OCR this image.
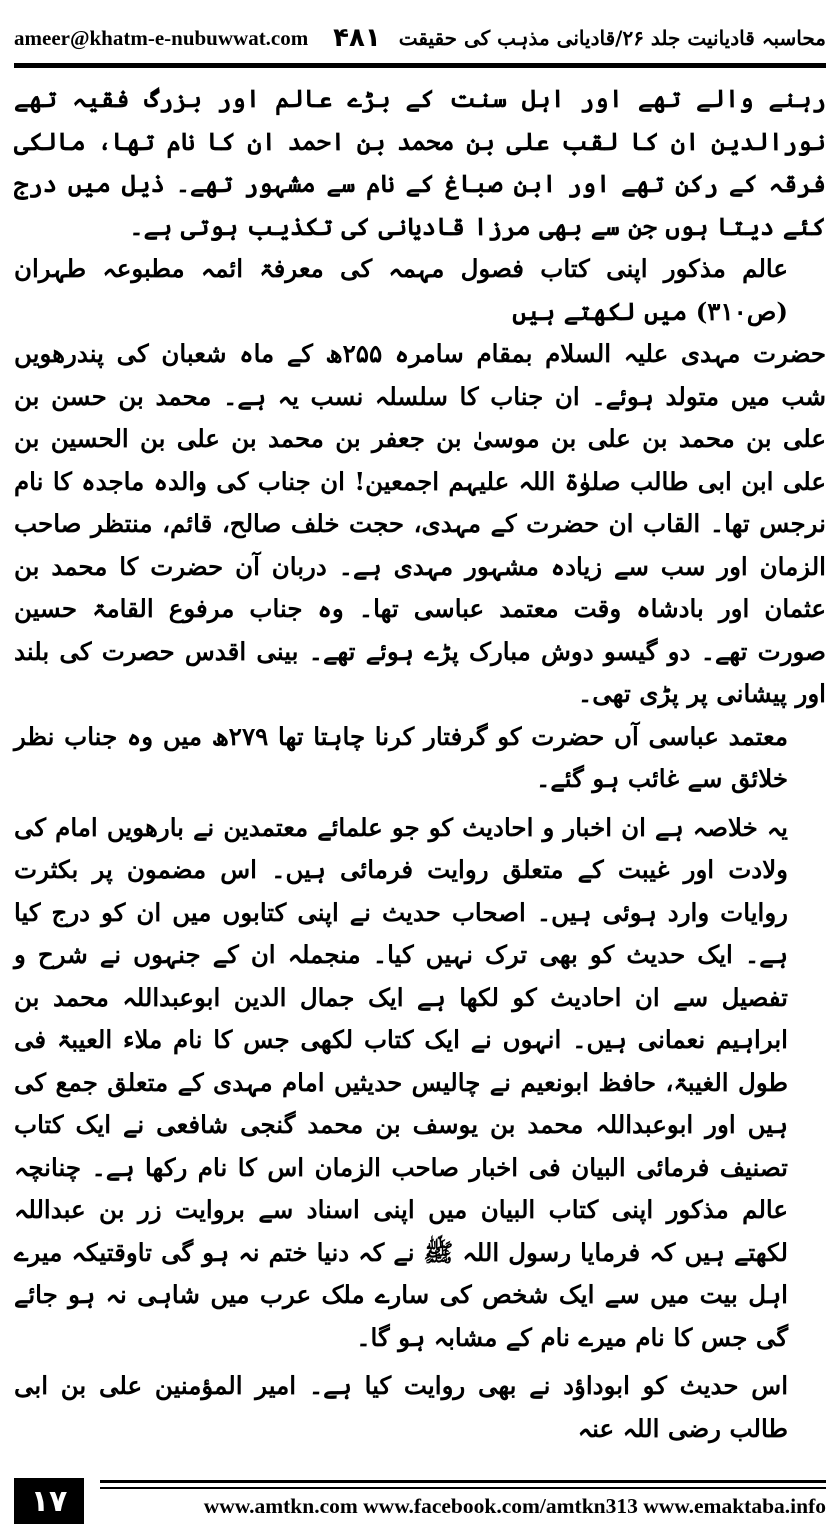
ameer@khatm-e-nubuwwat.com	محاسبہ قادیانیت جلد ۲۶/قادیانی مذہب کی حقیقت
۴۸۱

رہنے والے تھے اور اہل سنت کے بڑے عالم اور بزرگ فقیہ تھے نورالدین ان کا لقب علی بن محمد بن احمد ان کا نام تھا، مالکی فرقہ کے رکن تھے اور ابن صباغ کے نام سے مشہور تھے۔ ذیل میں درج کئے دیتا ہوں جن سے بھی مرزا قادیانی کی تکذیب ہوتی ہے۔

عالم مذکور اپنی کتاب فصول مہمہ کی معرفۃ ائمہ مطبوعہ طہران (ص۳۱۰) میں لکھتے ہیں

حضرت مہدی علیہ السلام بمقام سامرہ ۲۵۵ھ کے ماہ شعبان کی پندرھویں شب میں متولد ہوئے۔ ان جناب کا سلسلہ نسب یہ ہے۔ محمد بن حسن بن علی بن محمد بن علی بن موسیٰ بن جعفر بن محمد بن علی بن الحسین بن علی ابن ابی طالب صلوٰۃ اللہ علیہم اجمعین! ان جناب کی والدہ ماجدہ کا نام نرجس تھا۔ القاب ان حضرت کے مہدی، حجت خلف صالح، قائم، منتظر صاحب الزمان اور سب سے زیادہ مشہور مہدی ہے۔ دربان آن حضرت کا محمد بن عثمان اور بادشاہ وقت معتمد عباسی تھا۔ وہ جناب مرفوع القامۃ حسین صورت تھے۔ دو گیسو دوش مبارک پڑے ہوئے تھے۔ بینی اقدس حصرت کی بلند اور پیشانی پر پڑی تھی۔

معتمد عباسی آں حضرت کو گرفتار کرنا چاہتا تھا ۲۷۹ھ میں وہ جناب نظر خلائق سے غائب ہو گئے۔

یہ خلاصہ ہے ان اخبار و احادیث کو جو علمائے معتمدین نے بارھویں امام کی ولادت اور غیبت کے متعلق روایت فرمائی ہیں۔ اس مضمون پر بکثرت روایات وارد ہوئی ہیں۔ اصحاب حدیث نے اپنی کتابوں میں ان کو درج کیا ہے۔ ایک حدیث کو بھی ترک نہیں کیا۔ منجملہ ان کے جنہوں نے شرح و تفصیل سے ان احادیث کو لکھا ہے ایک جمال الدین ابوعبداللہ محمد بن ابراہیم نعمانی ہیں۔ انہوں نے ایک کتاب لکھی جس کا نام ملاء العیبۃ فی طول الغیبۃ، حافظ ابونعیم نے چالیس حدیثیں امام مہدی کے متعلق جمع کی ہیں اور ابوعبداللہ محمد بن یوسف بن محمد گنجی شافعی نے ایک کتاب تصنیف فرمائی البیان فی اخبار صاحب الزمان اس کا نام رکھا ہے۔ چنانچہ عالم مذکور اپنی کتاب البیان میں اپنی اسناد سے بروایت زر بن عبداللہ لکھتے ہیں کہ فرمایا رسول اللہ ﷺ نے کہ دنیا ختم نہ ہو گی تاوقتیکہ میرے اہل بیت میں سے ایک شخص کی سارے ملک عرب میں شاہی نہ ہو جائے گی جس کا نام میرے نام کے مشابہ ہو گا۔

اس حدیث کو ابوداؤد نے بھی روایت کیا ہے۔ امیر المؤمنین علی بن ابی طالب رضی اللہ عنہ

۱۷	www.amtkn.com www.facebook.com/amtkn313 www.emaktaba.info
